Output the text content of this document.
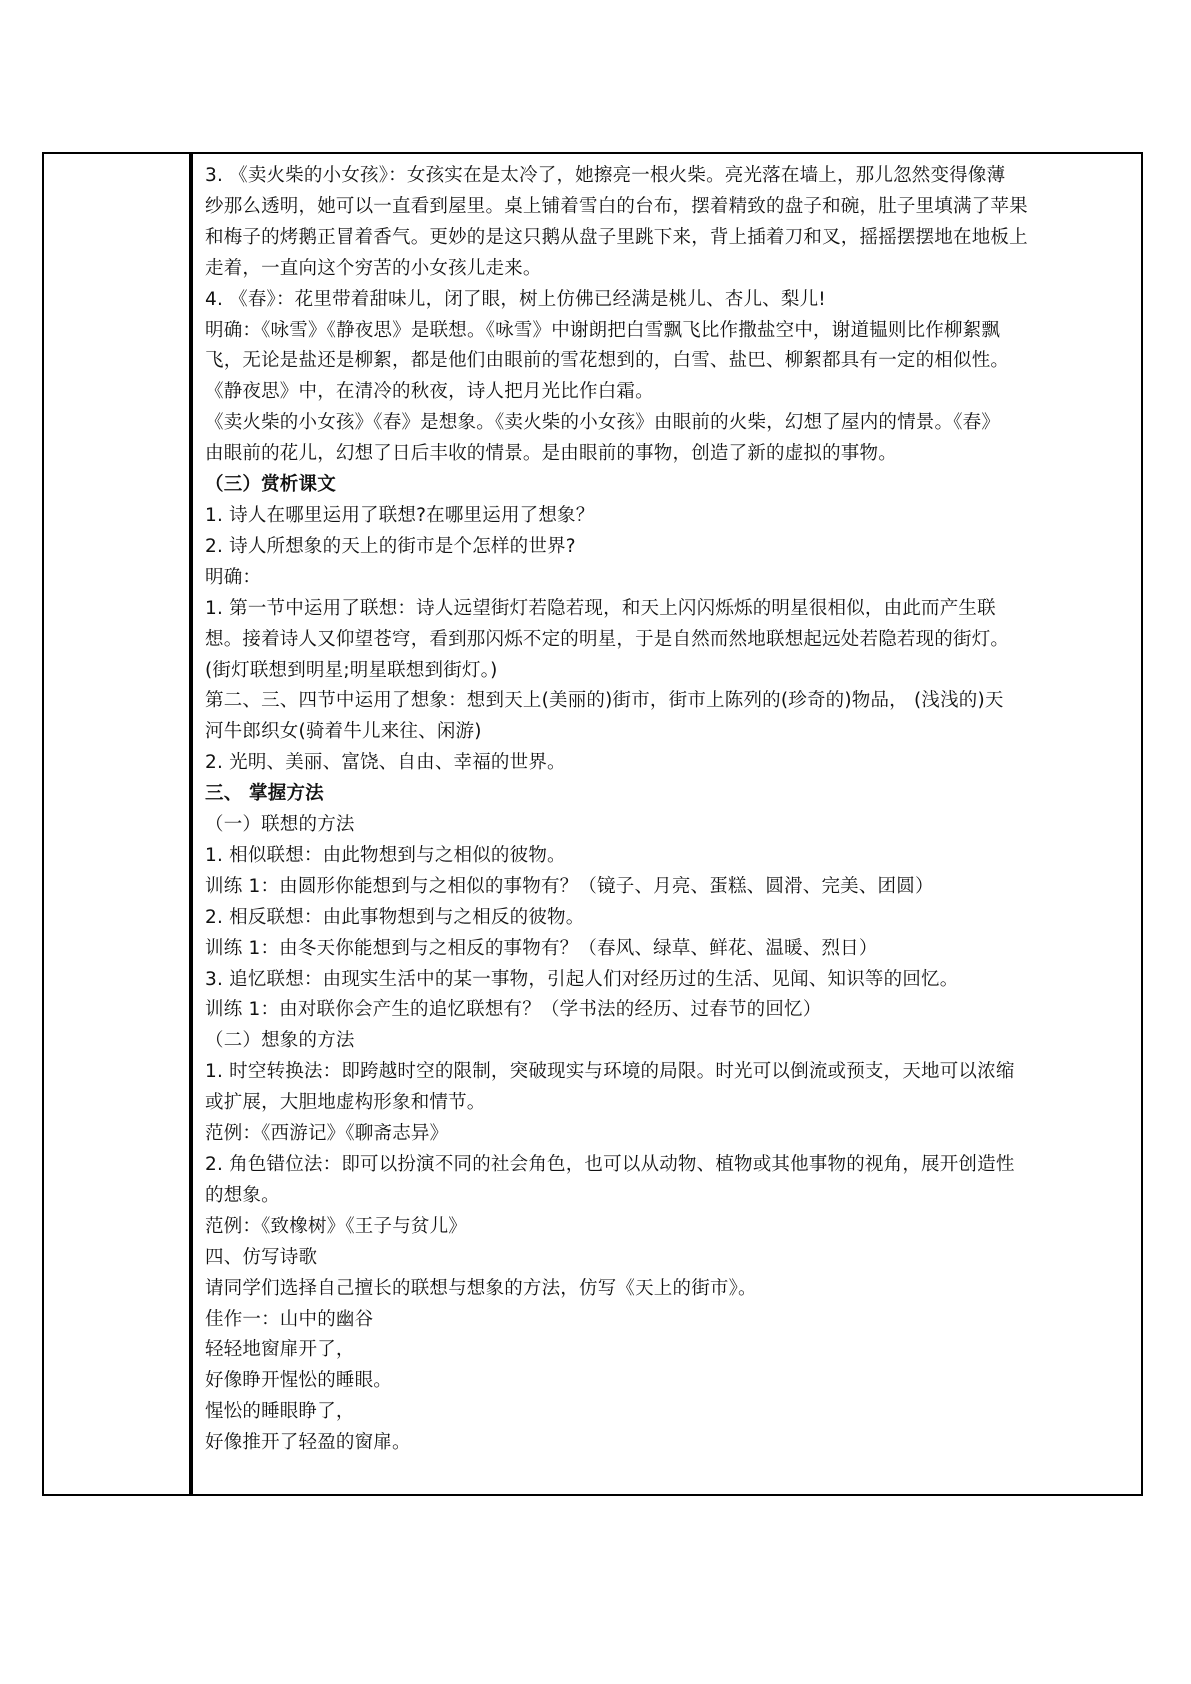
3. 《卖火柴的小女孩》：女孩实在是太冷了，她擦亮一根火柴。亮光落在墙上，那儿忽然变得像薄
纱那么透明，她可以一直看到屋里。桌上铺着雪白的台布，摆着精致的盘子和碗，肚子里填满了苹果
和梅子的烤鹅正冒着香气。更妙的是这只鹅从盘子里跳下来，背上插着刀和叉，摇摇摆摆地在地板上
走着，一直向这个穷苦的小女孩儿走来。
4. 《春》：花里带着甜味儿，闭了眼，树上仿佛已经满是桃儿、杏儿、梨儿!
明确：《咏雪》《静夜思》是联想。《咏雪》中谢朗把白雪飘飞比作撒盐空中，谢道韫则比作柳絮飘
飞，无论是盐还是柳絮，都是他们由眼前的雪花想到的，白雪、盐巴、柳絮都具有一定的相似性。
《静夜思》中，在清冷的秋夜，诗人把月光比作白霜。
《卖火柴的小女孩》《春》是想象。《卖火柴的小女孩》由眼前的火柴，幻想了屋内的情景。《春》
由眼前的花儿，幻想了日后丰收的情景。是由眼前的事物，创造了新的虚拟的事物。
（三）赏析课文
1. 诗人在哪里运用了联想?在哪里运用了想象？
2. 诗人所想象的天上的街市是个怎样的世界?
明确：
1. 第一节中运用了联想：诗人远望街灯若隐若现，和天上闪闪烁烁的明星很相似，由此而产生联
想。接着诗人又仰望苍穹，看到那闪烁不定的明星，于是自然而然地联想起远处若隐若现的街灯。
(街灯联想到明星;明星联想到街灯。)
第二、三、四节中运用了想象：想到天上(美丽的)街市，街市上陈列的(珍奇的)物品， (浅浅的)天
河牛郎织女(骑着牛儿来往、闲游)
2. 光明、美丽、富饶、自由、幸福的世界。
三、 掌握方法
（一）联想的方法
1. 相似联想：由此物想到与之相似的彼物。
训练 1：由圆形你能想到与之相似的事物有？（镜子、月亮、蛋糕、圆滑、完美、团圆）
2. 相反联想：由此事物想到与之相反的彼物。
训练 1：由冬天你能想到与之相反的事物有？（春风、绿草、鲜花、温暖、烈日）
3. 追忆联想：由现实生活中的某一事物，引起人们对经历过的生活、见闻、知识等的回忆。
训练 1：由对联你会产生的追忆联想有？（学书法的经历、过春节的回忆）
（二）想象的方法
1. 时空转换法：即跨越时空的限制，突破现实与环境的局限。时光可以倒流或预支，天地可以浓缩
或扩展，大胆地虚构形象和情节。
范例：《西游记》《聊斋志异》
2. 角色错位法：即可以扮演不同的社会角色，也可以从动物、植物或其他事物的视角，展开创造性
的想象。
范例：《致橡树》《王子与贫儿》
四、仿写诗歌
请同学们选择自己擅长的联想与想象的方法，仿写《天上的街市》。
佳作一：山中的幽谷
轻轻地窗扉开了，
好像睁开惺忪的睡眼。
惺忪的睡眼睁了，
好像推开了轻盈的窗扉。
